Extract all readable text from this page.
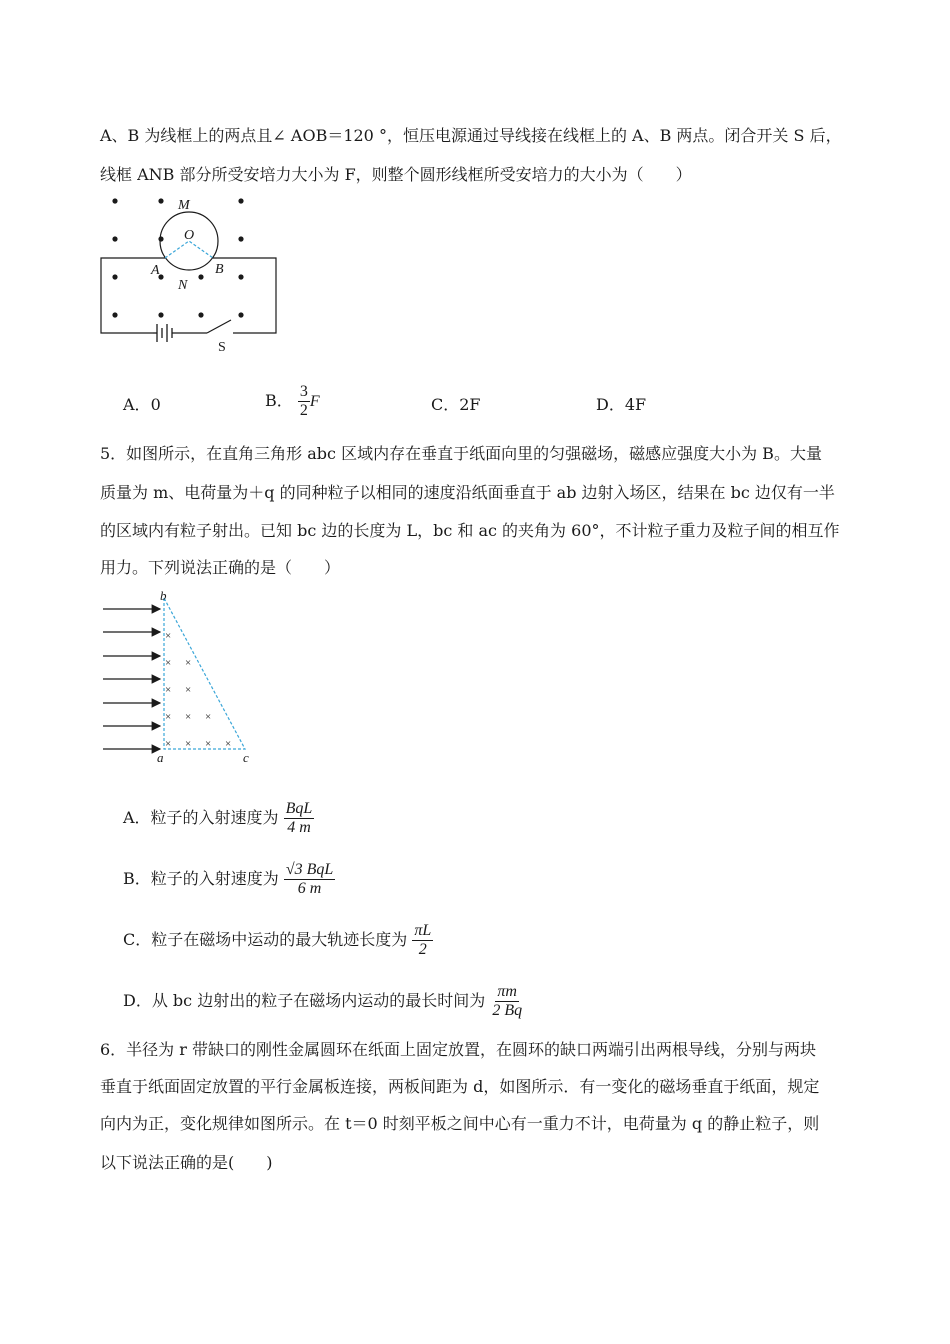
A、B 为线框上的两点且∠ AOB＝120 °，恒压电源通过导线接在线框上的 A、B 两点。闭合开关 S 后，
线框 ANB 部分所受安培力大小为 F，则整个圆形线框所受安培力的大小为（　　）
M
O
A	B
N
S
A．0	B． $\frac{3}{2}$ F	C．2F	D．4F
5．如图所示，在直角三角形 abc 区域内存在垂直于纸面向里的匀强磁场，磁感应强度大小为 B。大量
质量为 m、电荷量为＋q 的同种粒子以相同的速度沿纸面垂直于 ab 边射入场区，结果在 bc 边仅有一半
的区域内有粒子射出。已知 bc 边的长度为 L，bc 和 ac 的夹角为 60°，不计粒子重力及粒子间的相互作
用力。下列说法正确的是（　　）
×
× ×
× ×
× × ×
× × × ×
b
a	c
A．粒子的入射速度为 $\frac{\text{BqL}}{4 m}$
B．粒子的入射速度为 $\frac{\text{√3 BqL}}{6 m}$
C．粒子在磁场中运动的最大轨迹长度为 $\frac{\pi L}{2}$
D．从 bc 边射出的粒子在磁场内运动的最长时间为 $\frac{\pi m}{2 Bq}$
6．半径为 r 带缺口的刚性金属圆环在纸面上固定放置，在圆环的缺口两端引出两根导线，分别与两块
垂直于纸面固定放置的平行金属板连接，两板间距为 d，如图所示．有一变化的磁场垂直于纸面，规定
向内为正，变化规律如图所示。在 t＝0 时刻平板之间中心有一重力不计，电荷量为 q 的静止粒子，则
以下说法正确的是(　　)
